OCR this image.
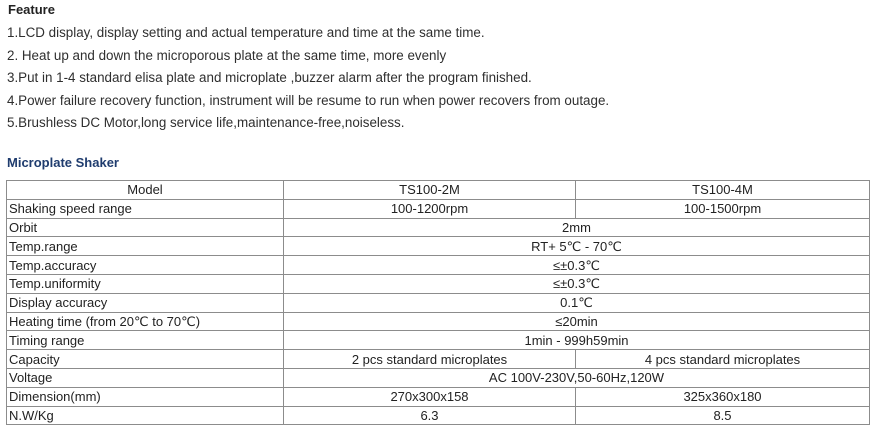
Feature
1.LCD display, display setting and actual temperature and time at the same time.
2. Heat up and down the microporous plate at the same time, more evenly
3.Put in 1-4 standard elisa plate and microplate ,buzzer alarm after the program finished.
4.Power failure recovery function, instrument will be resume to run when power recovers from outage.
5.Brushless DC Motor,long service life,maintenance-free,noiseless.
Microplate Shaker
Model	TS100-2M	TS100-4M
Shaking speed range	100-1200rpm	100-1500rpm
Orbit	2mm	
Temp.range	RT+ 5℃ - 70℃	
Temp.accuracy	≤±0.3℃	
Temp.uniformity	≤±0.3℃	
Display accuracy	0.1℃	
Heating time (from 20℃ to 70℃)	≤20min	
Timing range	1min - 999h59min	
Capacity	2 pcs standard microplates	4 pcs standard microplates
Voltage	AC 100V-230V,50-60Hz,120W	
Dimension(mm)	270x300x158	325x360x180
N.W/Kg	6.3	8.5
